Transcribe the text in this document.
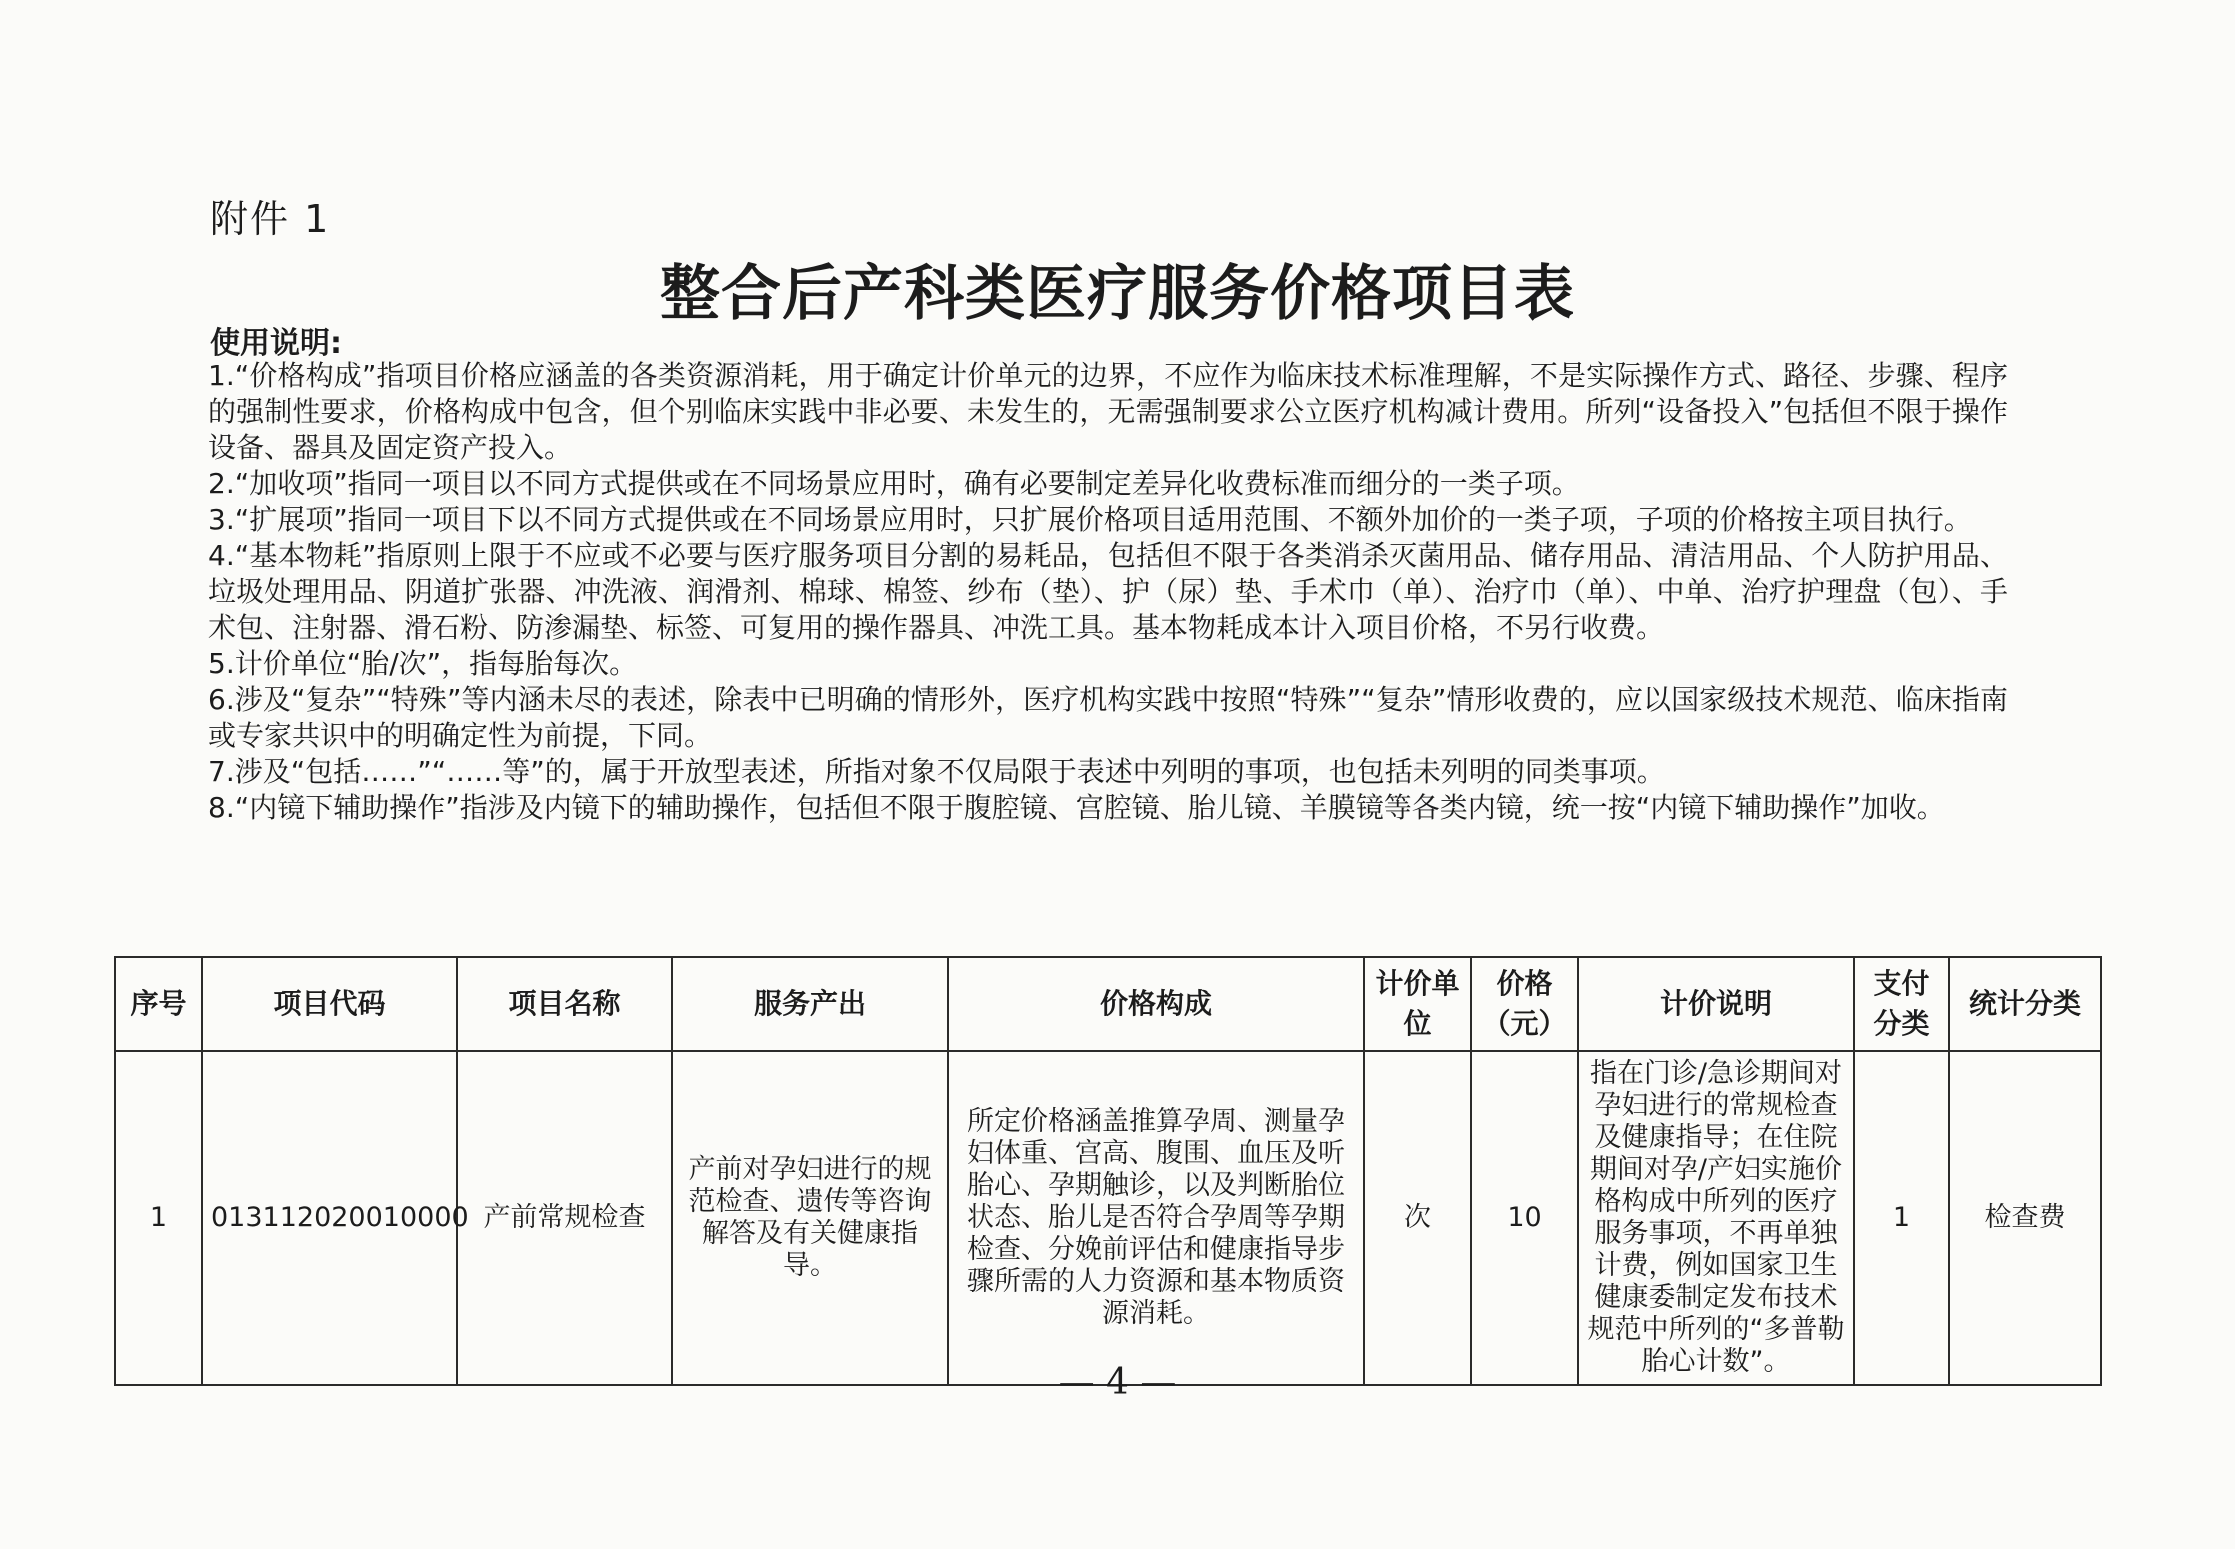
附件 1
整合后产科类医疗服务价格项目表
使用说明:

1.“价格构成”指项目价格应涵盖的各类资源消耗，用于确定计价单元的边界，不应作为临床技术标准理解，不是实际操作方式、路径、步骤、程序的强制性要求，价格构成中包含，但个别临床实践中非必要、未发生的，无需强制要求公立医疗机构减计费用。所列“设备投入”包括但不限于操作设备、器具及固定资产投入。

2.“加收项”指同一项目以不同方式提供或在不同场景应用时，确有必要制定差异化收费标准而细分的一类子项。

3.“扩展项”指同一项目下以不同方式提供或在不同场景应用时，只扩展价格项目适用范围、不额外加价的一类子项，子项的价格按主项目执行。

4.“基本物耗”指原则上限于不应或不必要与医疗服务项目分割的易耗品，包括但不限于各类消杀灭菌用品、储存用品、清洁用品、个人防护用品、垃圾处理用品、阴道扩张器、冲洗液、润滑剂、棉球、棉签、纱布（垫）、护（尿）垫、手术巾（单）、治疗巾（单）、中单、治疗护理盘（包）、手术包、注射器、滑石粉、防渗漏垫、标签、可复用的操作器具、冲洗工具。基本物耗成本计入项目价格，不另行收费。

5.计价单位“胎/次”，指每胎每次。

6.涉及“复杂”“特殊”等内涵未尽的表述，除表中已明确的情形外，医疗机构实践中按照“特殊”“复杂”情形收费的，应以国家级技术规范、临床指南或专家共识中的明确定性为前提，下同。

7.涉及“包括……”“……等”的，属于开放型表述，所指对象不仅局限于表述中列明的事项，也包括未列明的同类事项。

8.“内镜下辅助操作”指涉及内镜下的辅助操作，包括但不限于腹腔镜、宫腔镜、胎儿镜、羊膜镜等各类内镜，统一按“内镜下辅助操作”加收。

序号	项目代码	项目名称	服务产出	价格构成	计价单位	价格（元）	计价说明	支付分类	统计分类
1	013112020010000	产前常规检查	产前对孕妇进行的规范检查、遗传等咨询解答及有关健康指导。	所定价格涵盖推算孕周、测量孕妇体重、宫高、腹围、血压及听胎心、孕期触诊，以及判断胎位状态、胎儿是否符合孕周等孕期检查、分娩前评估和健康指导步骤所需的人力资源和基本物质资源消耗。	次	10	指在门诊/急诊期间对孕妇进行的常规检查及健康指导；在住院期间对孕/产妇实施价格构成中所列的医疗服务事项，不再单独计费，例如国家卫生健康委制定发布技术规范中所列的“多普勒胎心计数”。	1	检查费
— 4 —
